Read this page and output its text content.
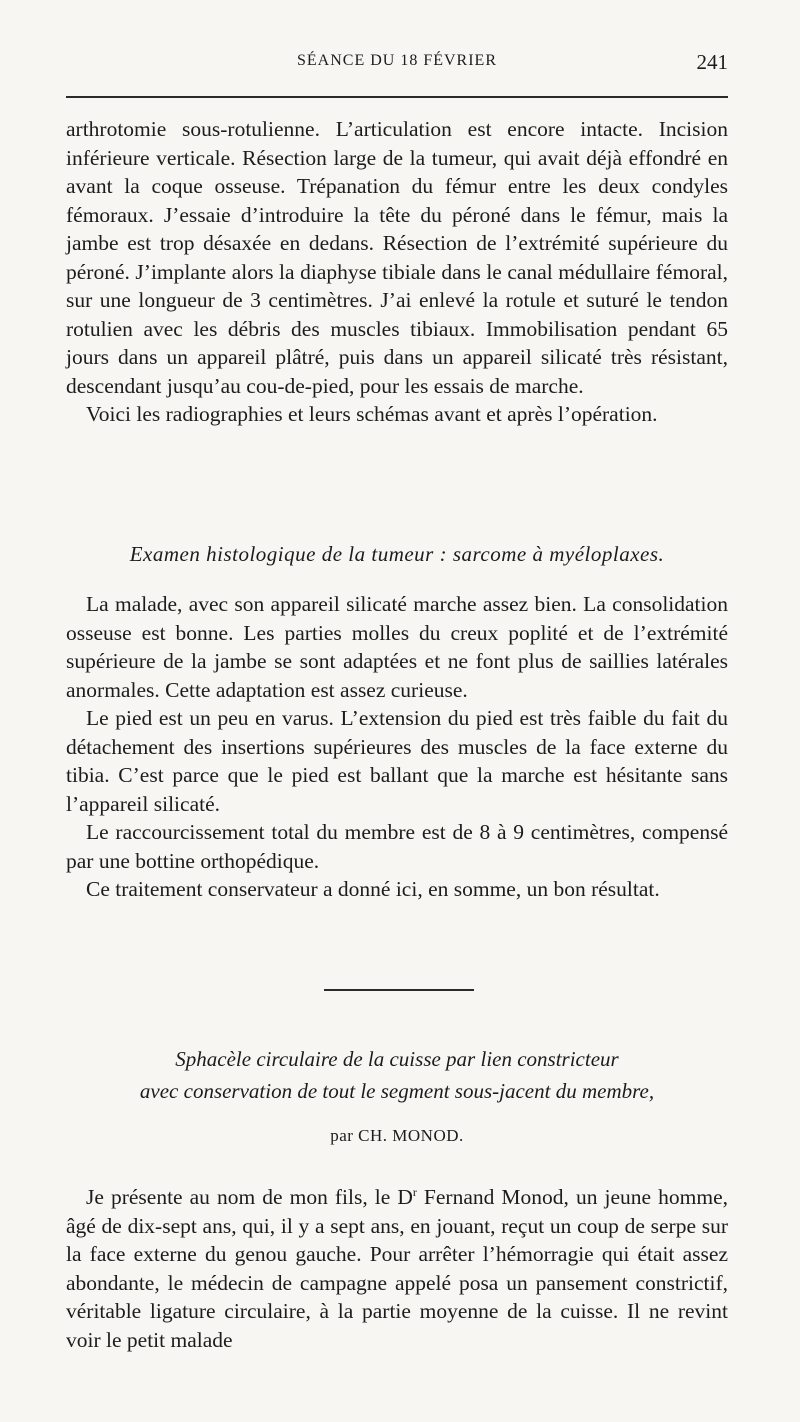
SÉANCE DU 18 FÉVRIER	241

arthrotomie sous-rotulienne. L’articulation est encore intacte. Incision inférieure verticale. Résection large de la tumeur, qui avait déjà effondré en avant la coque osseuse. Trépanation du fémur entre les deux condyles fémoraux. J’essaie d’introduire la tête du péroné dans le fémur, mais la jambe est trop désaxée en dedans. Résection de l’extrémité supérieure du péroné. J’implante alors la diaphyse tibiale dans le canal médullaire fémoral, sur une longueur de 3 centimètres. J’ai enlevé la rotule et suturé le tendon rotulien avec les débris des muscles tibiaux. Immobilisation pendant 65 jours dans un appareil plâtré, puis dans un appareil silicaté très résistant, descendant jusqu’au cou-de-pied, pour les essais de marche.

Voici les radiographies et leurs schémas avant et après l’opération.

Examen histologique de la tumeur : sarcome à myéloplaxes.

La malade, avec son appareil silicaté marche assez bien. La consolidation osseuse est bonne. Les parties molles du creux poplité et de l’extrémité supérieure de la jambe se sont adaptées et ne font plus de saillies latérales anormales. Cette adaptation est assez curieuse.

Le pied est un peu en varus. L’extension du pied est très faible du fait du détachement des insertions supérieures des muscles de la face externe du tibia. C’est parce que le pied est ballant que la marche est hésitante sans l’appareil silicaté.

Le raccourcissement total du membre est de 8 à 9 centimètres, compensé par une bottine orthopédique.

Ce traitement conservateur a donné ici, en somme, un bon résultat.

Sphacèle circulaire de la cuisse par lien constricteur
avec conservation de tout le segment sous-jacent du membre,
par CH. MONOD.

Je présente au nom de mon fils, le $D^r$ Fernand Monod, un jeune homme, âgé de dix-sept ans, qui, il y a sept ans, en jouant, reçut un coup de serpe sur la face externe du genou gauche. Pour arrêter l’hémorragie qui était assez abondante, le médecin de campagne appelé posa un pansement constrictif, véritable ligature circulaire, à la partie moyenne de la cuisse. Il ne revint voir le petit malade
